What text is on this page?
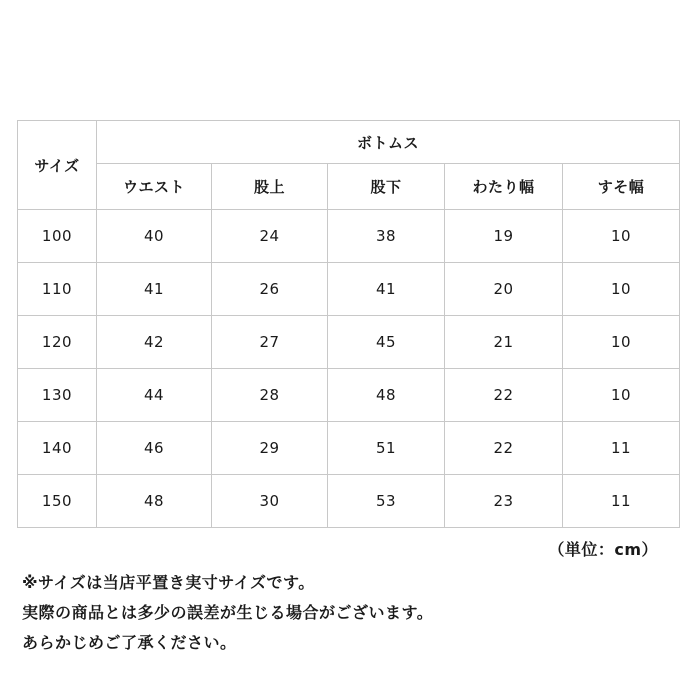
サイズ	ボトムス				
	ウエスト	股上	股下	わたり幅	すそ幅
100	40	24	38	19	10
110	41	26	41	20	10
120	42	27	45	21	10
130	44	28	48	22	10
140	46	29	51	22	11
150	48	30	53	23	11
（単位：cm）
※サイズは当店平置き実寸サイズです。
実際の商品とは多少の誤差が生じる場合がございます。
あらかじめご了承ください。
